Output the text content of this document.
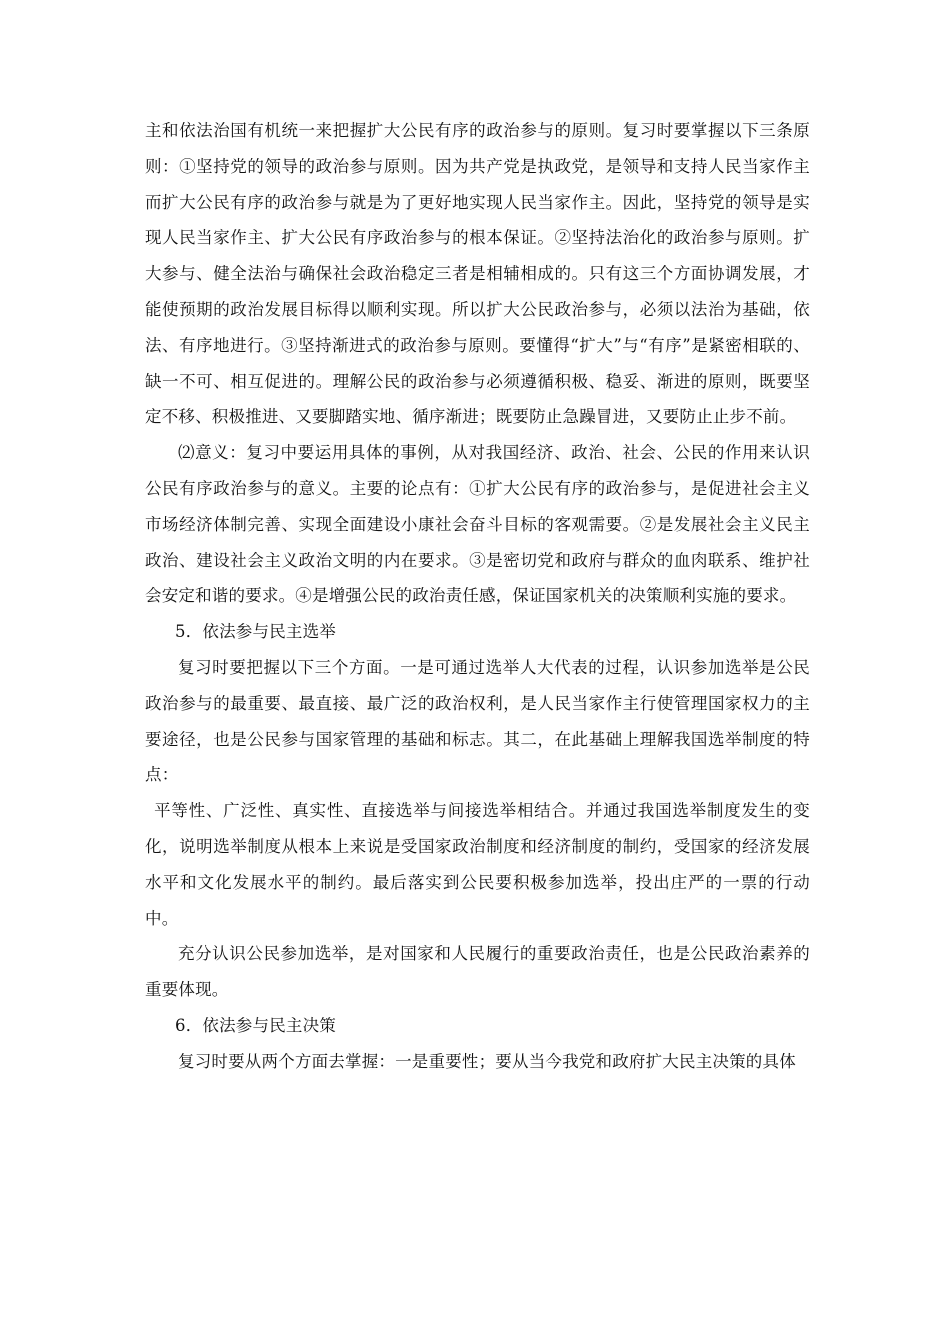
主和依法治国有机统一来把握扩大公民有序的政治参与的原则。复习时要掌握以下三条原则：①坚持党的领导的政治参与原则。因为共产党是执政党，是领导和支持人民当家作主而扩大公民有序的政治参与就是为了更好地实现人民当家作主。因此，坚持党的领导是实现人民当家作主、扩大公民有序政治参与的根本保证。②坚持法治化的政治参与原则。扩大参与、健全法治与确保社会政治稳定三者是相辅相成的。只有这三个方面协调发展，才能使预期的政治发展目标得以顺利实现。所以扩大公民政治参与，必须以法治为基础，依法、有序地进行。③坚持渐进式的政治参与原则。要懂得“扩大”与“有序”是紧密相联的、缺一不可、相互促进的。理解公民的政治参与必须遵循积极、稳妥、渐进的原则，既要坚定不移、积极推进、又要脚踏实地、循序渐进；既要防止急躁冒进，又要防止止步不前。

⑵意义：复习中要运用具体的事例，从对我国经济、政治、社会、公民的作用来认识公民有序政治参与的意义。主要的论点有：①扩大公民有序的政治参与，是促进社会主义市场经济体制完善、实现全面建设小康社会奋斗目标的客观需要。②是发展社会主义民主政治、建设社会主义政治文明的内在要求。③是密切党和政府与群众的血肉联系、维护社会安定和谐的要求。④是增强公民的政治责任感，保证国家机关的决策顺利实施的要求。

5．依法参与民主选举

复习时要把握以下三个方面。一是可通过选举人大代表的过程，认识参加选举是公民政治参与的最重要、最直接、最广泛的政治权利，是人民当家作主行使管理国家权力的主要途径，也是公民参与国家管理的基础和标志。其二，在此基础上理解我国选举制度的特点：

平等性、广泛性、真实性、直接选举与间接选举相结合。并通过我国选举制度发生的变化，说明选举制度从根本上来说是受国家政治制度和经济制度的制约，受国家的经济发展水平和文化发展水平的制约。最后落实到公民要积极参加选举，投出庄严的一票的行动中。

充分认识公民参加选举，是对国家和人民履行的重要政治责任，也是公民政治素养的重要体现。

6．依法参与民主决策

复习时要从两个方面去掌握：一是重要性；要从当今我党和政府扩大民主决策的具体
